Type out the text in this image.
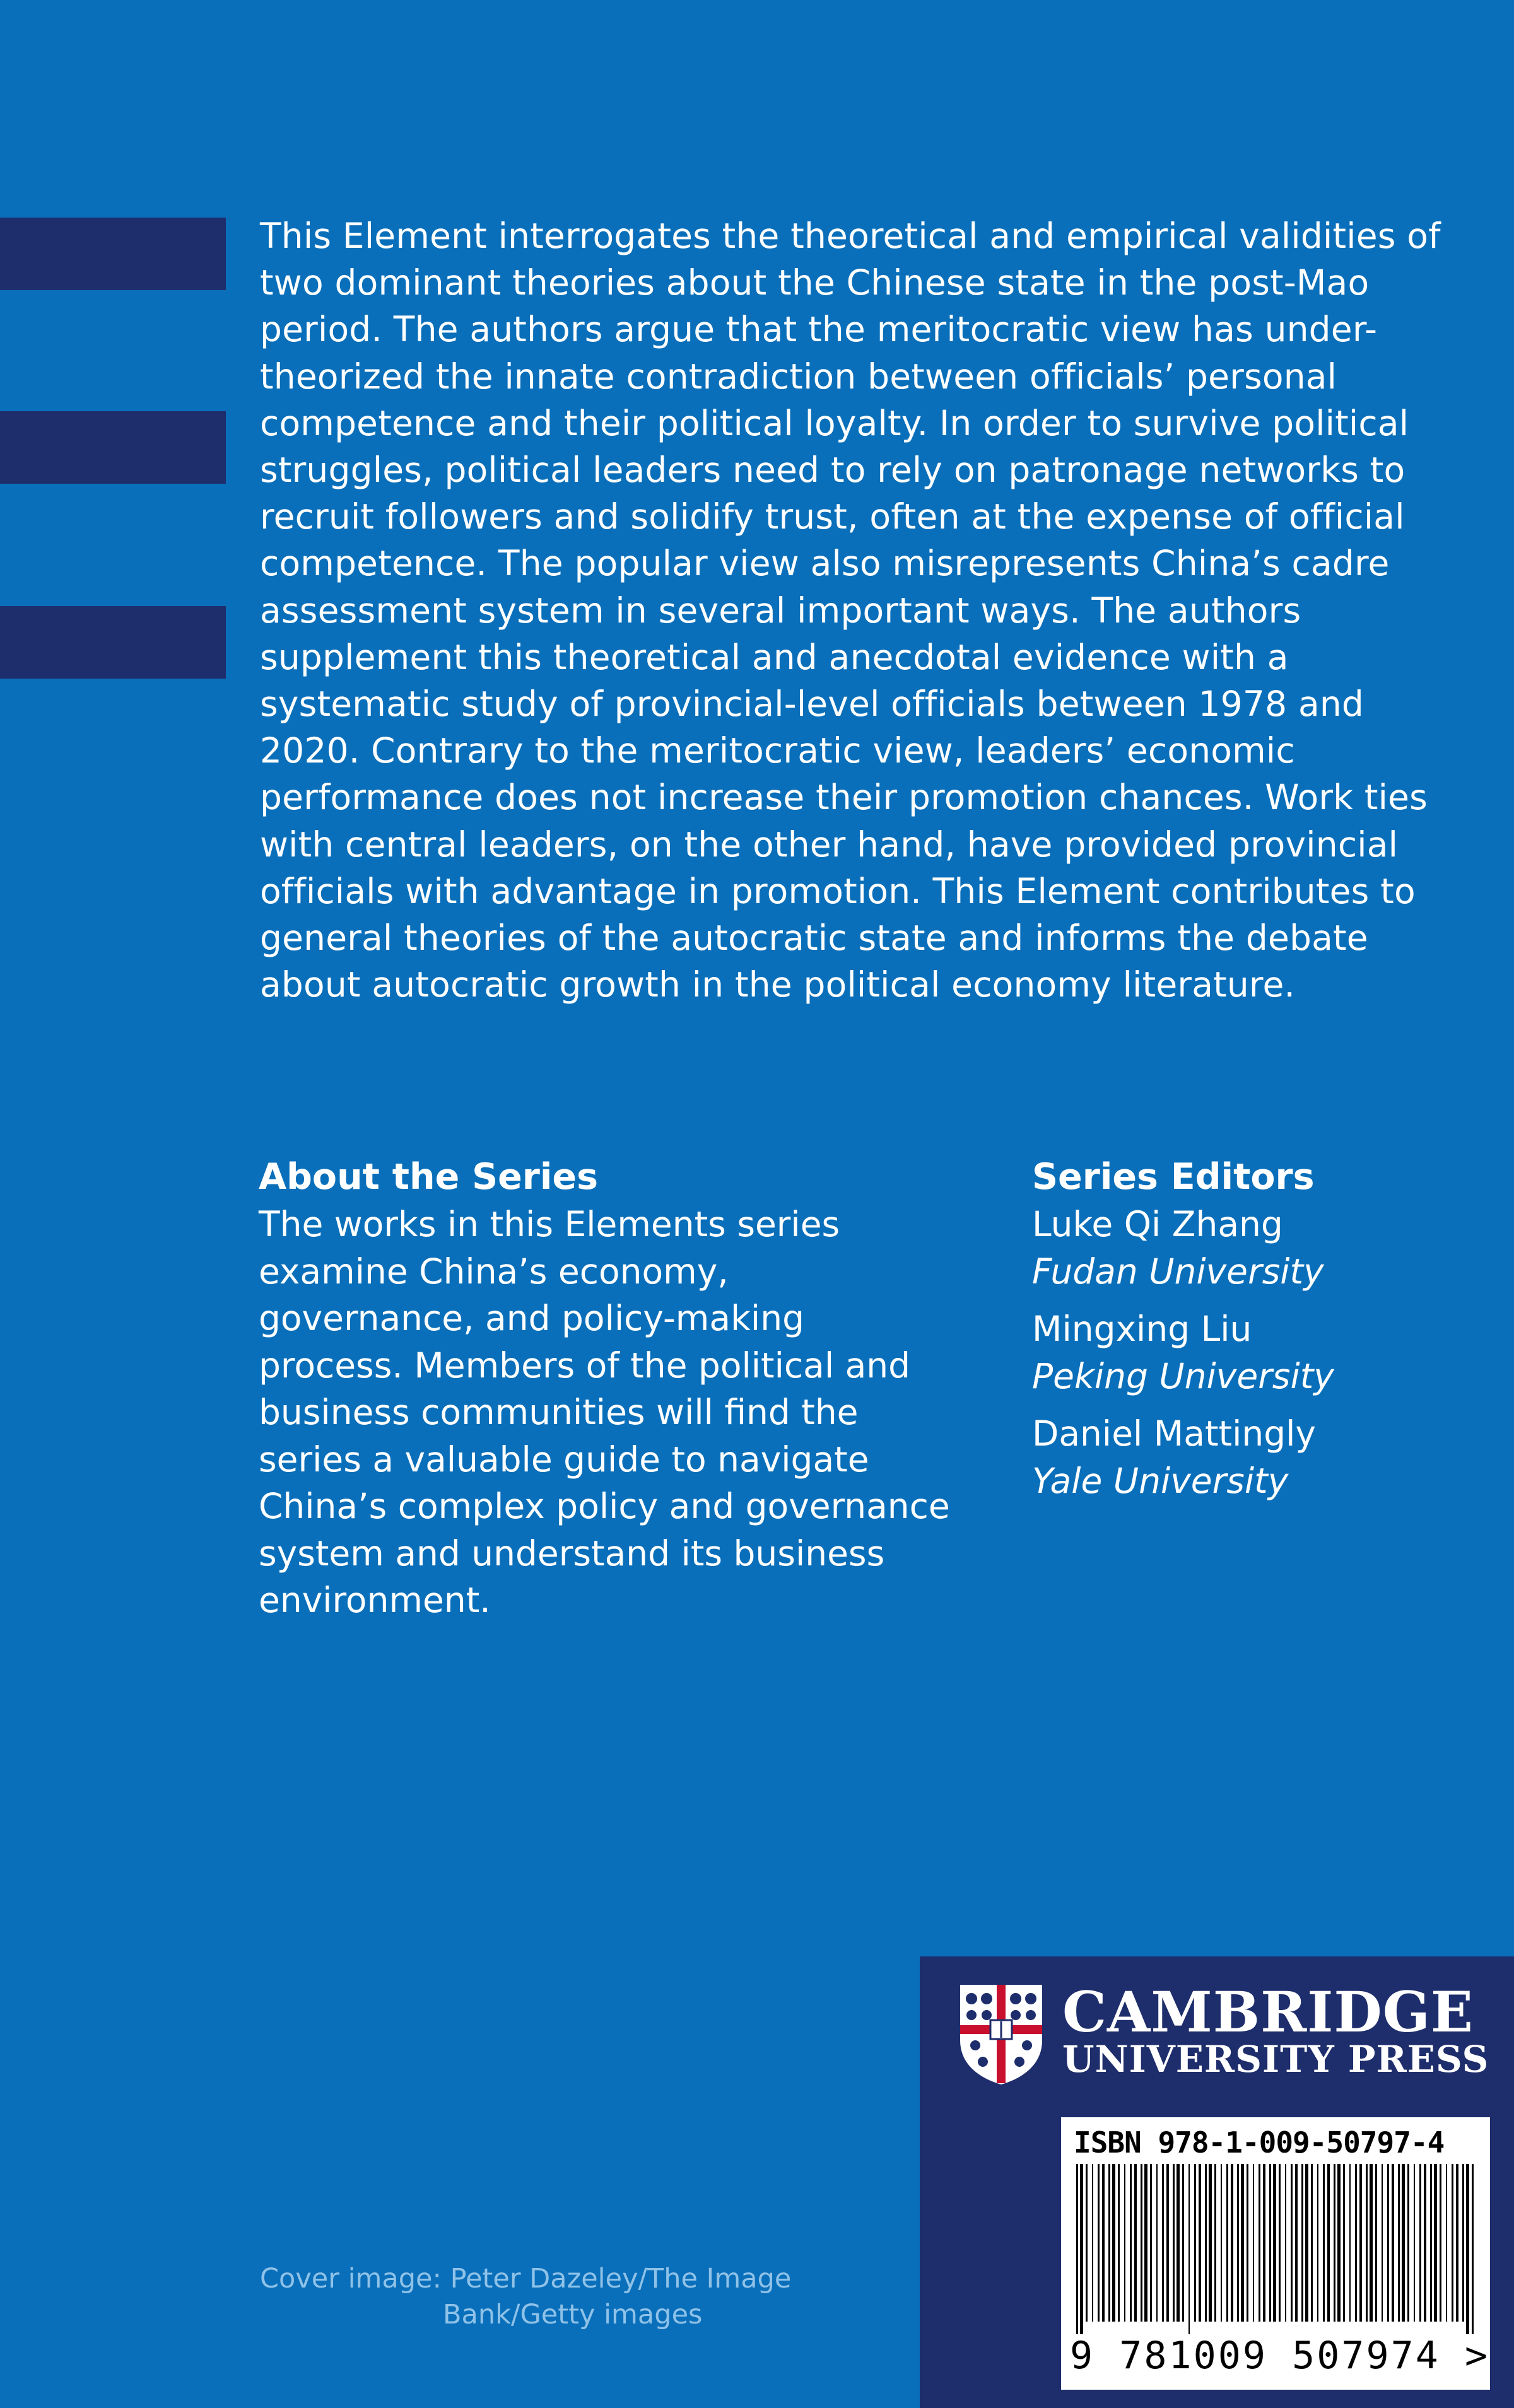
This Element interrogates the theoretical and empirical validities of two dominant theories about the Chinese state in the post-Mao period. The authors argue that the meritocratic view has under-theorized the innate contradiction between officials’ personal competence and their political loyalty. In order to survive political struggles, political leaders need to rely on patronage networks to recruit followers and solidify trust, often at the expense of official competence. The popular view also misrepresents China’s cadre assessment system in several important ways. The authors supplement this theoretical and anecdotal evidence with a systematic study of provincial-level officials between 1978 and 2020. Contrary to the meritocratic view, leaders’ economic performance does not increase their promotion chances. Work ties with central leaders, on the other hand, have provided provincial officials with advantage in promotion. This Element contributes to general theories of the autocratic state and informs the debate about autocratic growth in the political economy literature.

About the Series

The works in this Elements series examine China’s economy, governance, and policy-making process. Members of the political and business communities will find the series a valuable guide to navigate China’s complex policy and governance system and understand its business environment.

Series Editors
Luke Qi Zhang
Fudan University
Mingxing Liu
Peking University
Daniel Mattingly
Yale University
Cover image: Peter Dazeley/The Image
Bank/Getty images
CAMBRIDGE
UNIVERSITY PRESS
ISBN 978-1-009-50797-4
9 781009 507974 >
